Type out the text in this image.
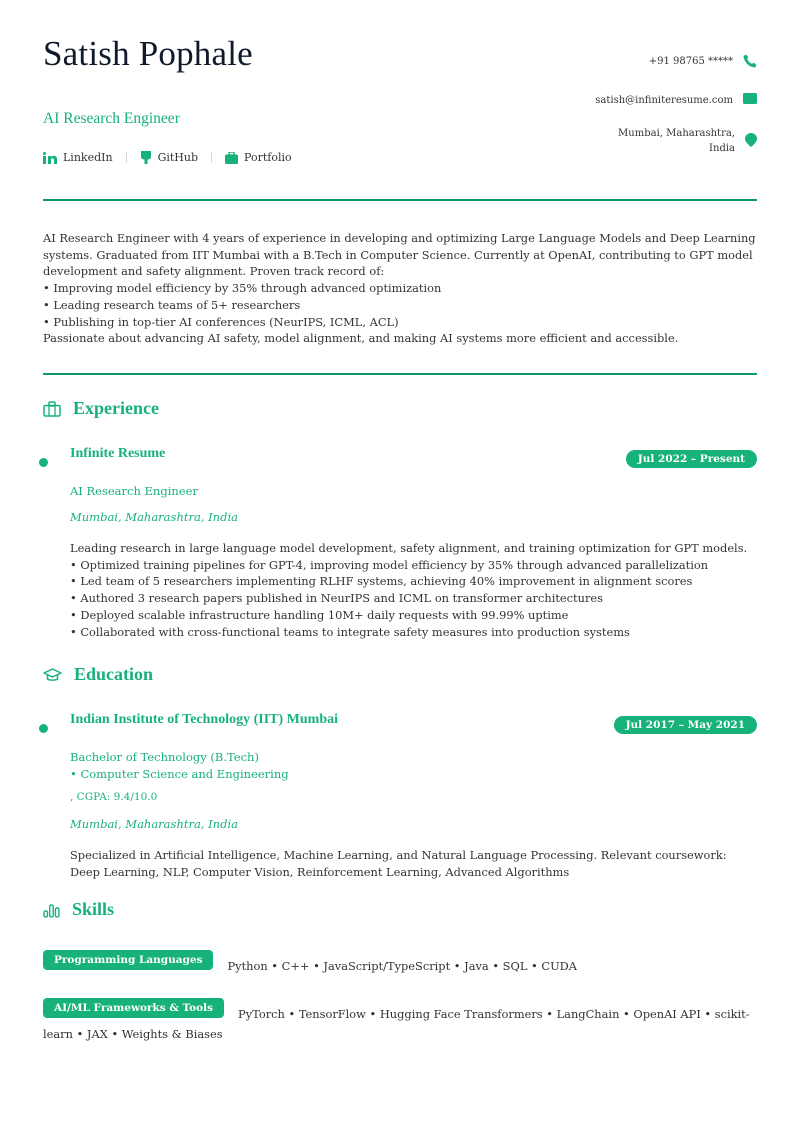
Satish Pophale
AI Research Engineer
LinkedIn	GitHub	Portfolio
+91 98765 *****
satish@infiniteresume.com
Mumbai, Maharashtra,
India

AI Research Engineer with 4 years of experience in developing and optimizing Large Language Models and Deep Learning systems. Graduated from IIT Mumbai with a B.Tech in Computer Science. Currently at OpenAI, contributing to GPT model development and safety alignment. Proven track record of:

• Improving model efficiency by 35% through advanced optimization

• Leading research teams of 5+ researchers

• Publishing in top-tier AI conferences (NeurIPS, ICML, ACL)

Passionate about advancing AI safety, model alignment, and making AI systems more efficient and accessible.

Experience
Infinite Resume	Jul 2022 – Present
AI Research Engineer
Mumbai, Maharashtra, India

Leading research in large language model development, safety alignment, and training optimization for GPT models.

• Optimized training pipelines for GPT-4, improving model efficiency by 35% through advanced parallelization

• Led team of 5 researchers implementing RLHF systems, achieving 40% improvement in alignment scores

• Authored 3 research papers published in NeurIPS and ICML on transformer architectures

• Deployed scalable infrastructure handling 10M+ daily requests with 99.99% uptime

• Collaborated with cross-functional teams to integrate safety measures into production systems

Education
Indian Institute of Technology (IIT) Mumbai	Jul 2017 – May 2021
Bachelor of Technology (B.Tech)
• Computer Science and Engineering
, CGPA: 9.4/10.0
Mumbai, Maharashtra, India
Specialized in Artificial Intelligence, Machine Learning, and Natural Language Processing. Relevant coursework: Deep Learning, NLP, Computer Vision, Reinforcement Learning, Advanced Algorithms
Skills
Programming Languages Python • C++ • JavaScript/TypeScript • Java • SQL • CUDA
AI/ML Frameworks & Tools PyTorch • TensorFlow • Hugging Face Transformers • LangChain • OpenAI API • scikit-learn • JAX • Weights & Biases
